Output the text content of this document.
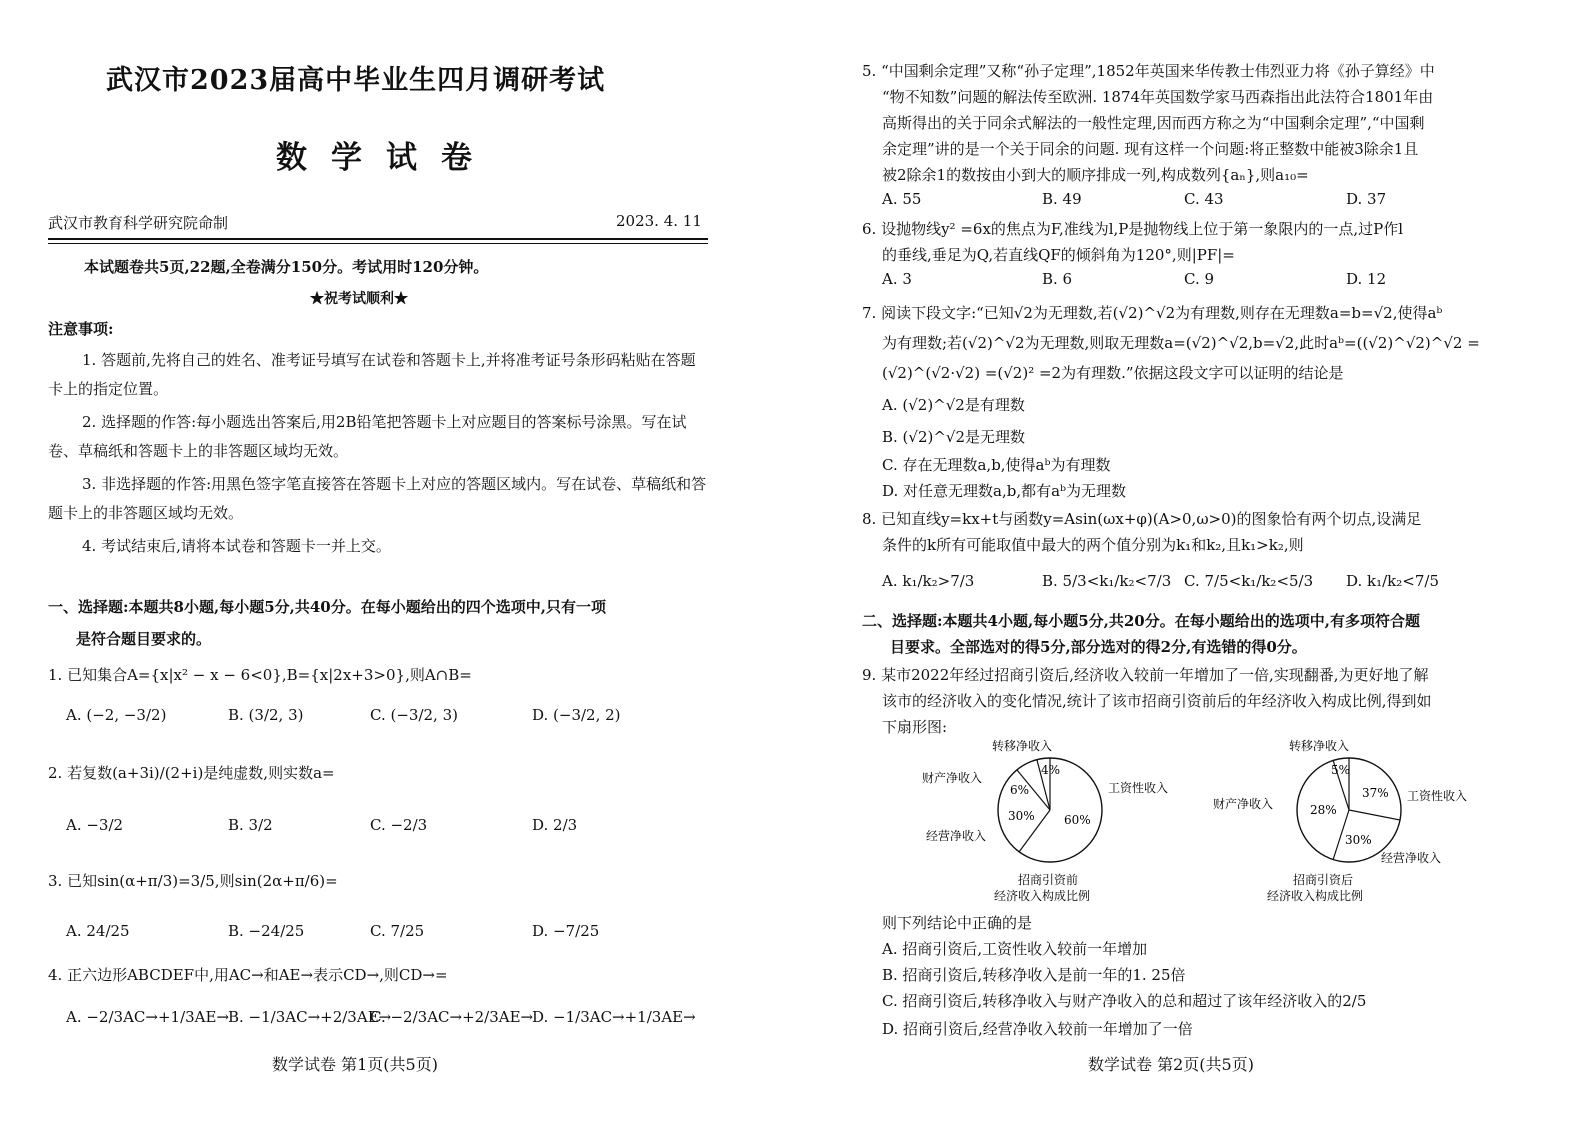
武汉市2023届高中毕业生四月调研考试
数学试卷
武汉市教育科学研究院命制	2023. 4. 11
本试题卷共5页,22题,全卷满分150分。考试用时120分钟。
★祝考试顺利★
注意事项:
1. 答题前,先将自己的姓名、准考证号填写在试卷和答题卡上,并将准考证号条形码粘贴在答题卡上的指定位置。
2. 选择题的作答:每小题选出答案后,用2B铅笔把答题卡上对应题目的答案标号涂黑。写在试卷、草稿纸和答题卡上的非答题区域均无效。
3. 非选择题的作答:用黑色签字笔直接答在答题卡上对应的答题区域内。写在试卷、草稿纸和答题卡上的非答题区域均无效。
4. 考试结束后,请将本试卷和答题卡一并上交。
一、选择题:本题共8小题,每小题5分,共40分。在每小题给出的四个选项中,只有一项
是符合题目要求的。
1. 已知集合A={x|x² − x − 6<0},B={x|2x+3>0},则A∩B=
A. (−2, −3/2)	B. (3/2, 3)	C. (−3/2, 3)	D. (−3/2, 2)
2. 若复数(a+3i)/(2+i)是纯虚数,则实数a=
A. −3/2	B. 3/2	C. −2/3	D. 2/3
3. 已知sin(α+π/3)=3/5,则sin(2α+π/6)=
A. 24/25	B. −24/25	C. 7/25	D. −7/25
4. 正六边形ABCDEF中,用AC→和AE→表示CD→,则CD→=
A. −2/3AC→+1/3AE→
B. −1/3AC→+2/3AE→
C. −2/3AC→+2/3AE→
D. −1/3AC→+1/3AE→
数学试卷 第1页(共5页)
5. “中国剩余定理”又称“孙子定理”,1852年英国来华传教士伟烈亚力将《孙子算经》中
“物不知数”问题的解法传至欧洲. 1874年英国数学家马西森指出此法符合1801年由
高斯得出的关于同余式解法的一般性定理,因而西方称之为“中国剩余定理”,“中国剩
余定理”讲的是一个关于同余的问题. 现有这样一个问题:将正整数中能被3除余1且
被2除余1的数按由小到大的顺序排成一列,构成数列{aₙ},则a₁₀=
A. 55	B. 49	C. 43	D. 37
6. 设抛物线y² =6x的焦点为F,准线为l,P是抛物线上位于第一象限内的一点,过P作l
的垂线,垂足为Q,若直线QF的倾斜角为120°,则|PF|=
A. 3	B. 6	C. 9	D. 12
7. 阅读下段文字:“已知√2为无理数,若(√2)^√2为有理数,则存在无理数a=b=√2,使得aᵇ
为有理数;若(√2)^√2为无理数,则取无理数a=(√2)^√2,b=√2,此时aᵇ=((√2)^√2)^√2 =
(√2)^(√2·√2) =(√2)² =2为有理数.”依据这段文字可以证明的结论是
A. (√2)^√2是有理数
B. (√2)^√2是无理数
C. 存在无理数a,b,使得aᵇ为有理数
D. 对任意无理数a,b,都有aᵇ为无理数
8. 已知直线y=kx+t与函数y=Asin(ωx+φ)(A>0,ω>0)的图象恰有两个切点,设满足
条件的k所有可能取值中最大的两个值分别为k₁和k₂,且k₁>k₂,则
A. k₁/k₂>7/3	B. 5/3<k₁/k₂<7/3 C. 7/5<k₁/k₂<5/3 D. k₁/k₂<7/5
二、选择题:本题共4小题,每小题5分,共20分。在每小题给出的选项中,有多项符合题
目要求。全部选对的得5分,部分选对的得2分,有选错的得0分。
9. 某市2022年经过招商引资后,经济收入较前一年增加了一倍,实现翻番,为更好地了解
该市的经济收入的变化情况,统计了该市招商引资前后的年经济收入构成比例,得到如
下扇形图:
4%
6%
30% 60%
转移净收入
财产净收入
经营净收入
工资性收入
招商引资前
经济收入构成比例
5%
28%
37%
30%
转移净收入
财产净收入
工资性收入
经营净收入
招商引资后
经济收入构成比例
则下列结论中正确的是
A. 招商引资后,工资性收入较前一年增加
B. 招商引资后,转移净收入是前一年的1. 25倍
C. 招商引资后,转移净收入与财产净收入的总和超过了该年经济收入的2/5
D. 招商引资后,经营净收入较前一年增加了一倍
数学试卷 第2页(共5页)
